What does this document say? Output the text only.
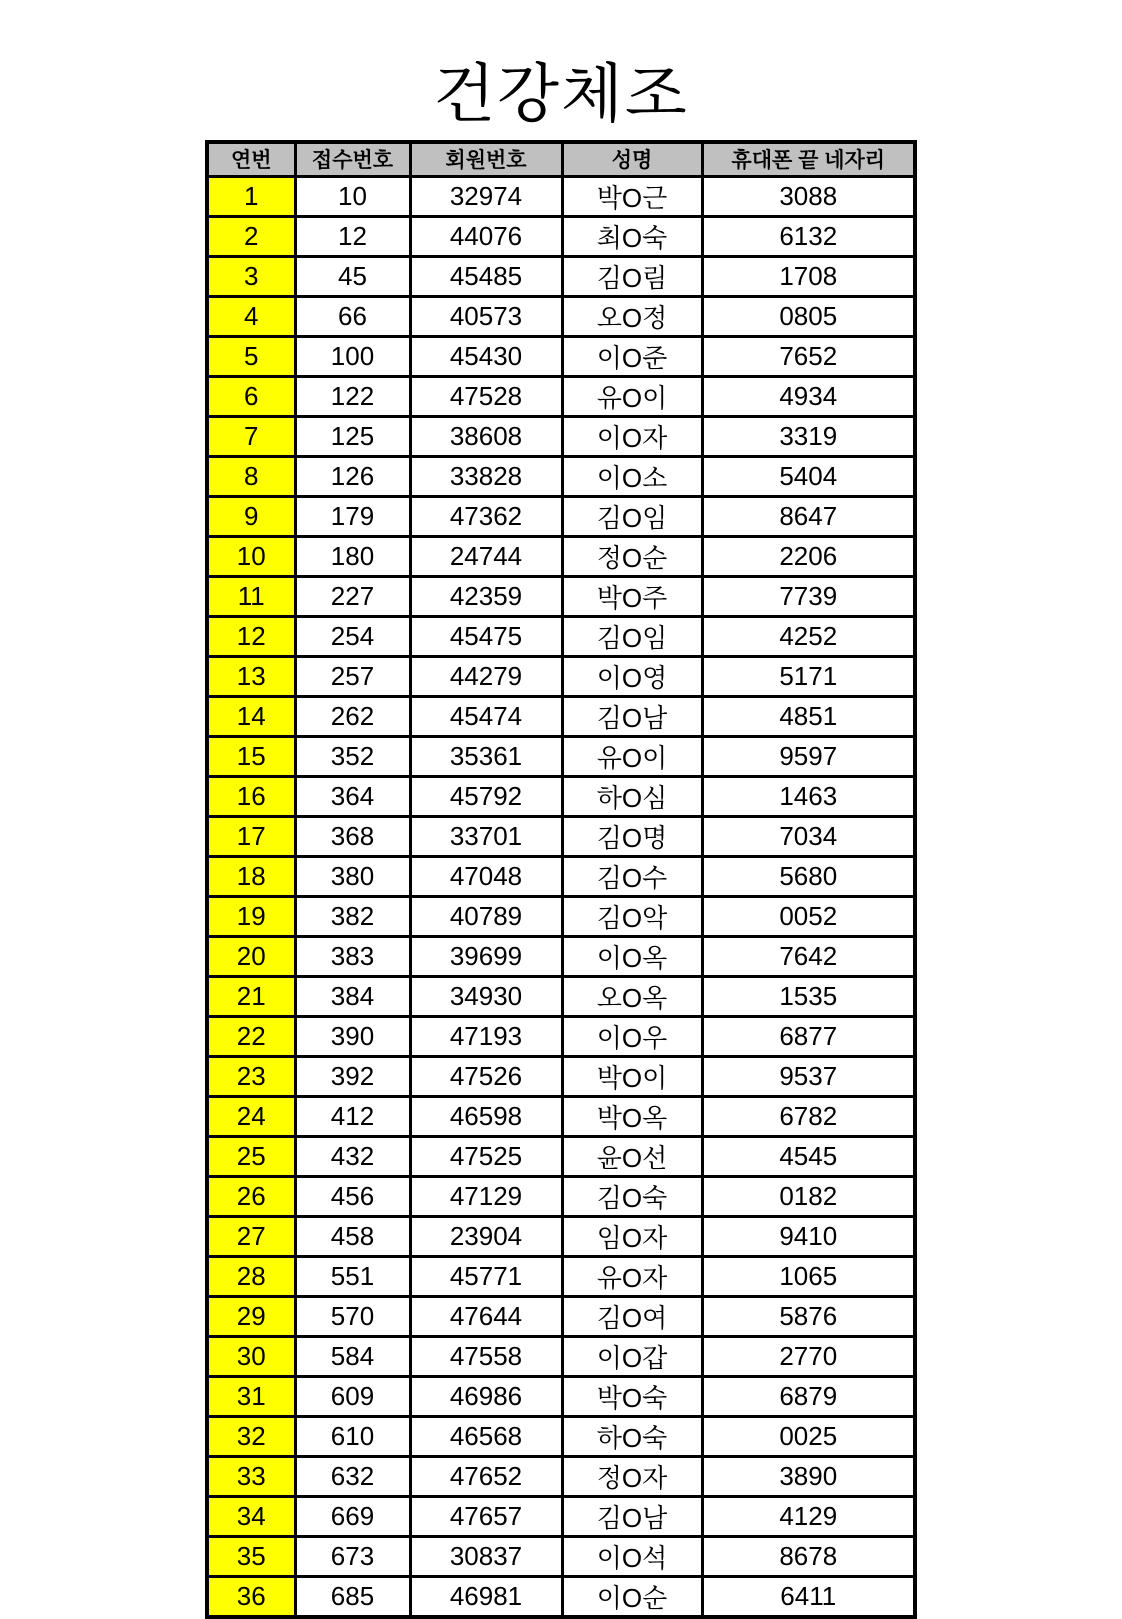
건강체조
연번	접수번호	회원번호	성명	휴대폰 끝 네자리
1	10	32974	박O근	3088
2	12	44076	최O숙	6132
3	45	45485	김O림	1708
4	66	40573	오O정	0805
5	100	45430	이O준	7652
6	122	47528	유O이	4934
7	125	38608	이O자	3319
8	126	33828	이O소	5404
9	179	47362	김O임	8647
10	180	24744	정O순	2206
11	227	42359	박O주	7739
12	254	45475	김O임	4252
13	257	44279	이O영	5171
14	262	45474	김O남	4851
15	352	35361	유O이	9597
16	364	45792	하O심	1463
17	368	33701	김O명	7034
18	380	47048	김O수	5680
19	382	40789	김O악	0052
20	383	39699	이O옥	7642
21	384	34930	오O옥	1535
22	390	47193	이O우	6877
23	392	47526	박O이	9537
24	412	46598	박O옥	6782
25	432	47525	윤O선	4545
26	456	47129	김O숙	0182
27	458	23904	임O자	9410
28	551	45771	유O자	1065
29	570	47644	김O여	5876
30	584	47558	이O갑	2770
31	609	46986	박O숙	6879
32	610	46568	하O숙	0025
33	632	47652	정O자	3890
34	669	47657	김O남	4129
35	673	30837	이O석	8678
36	685	46981	이O순	6411
